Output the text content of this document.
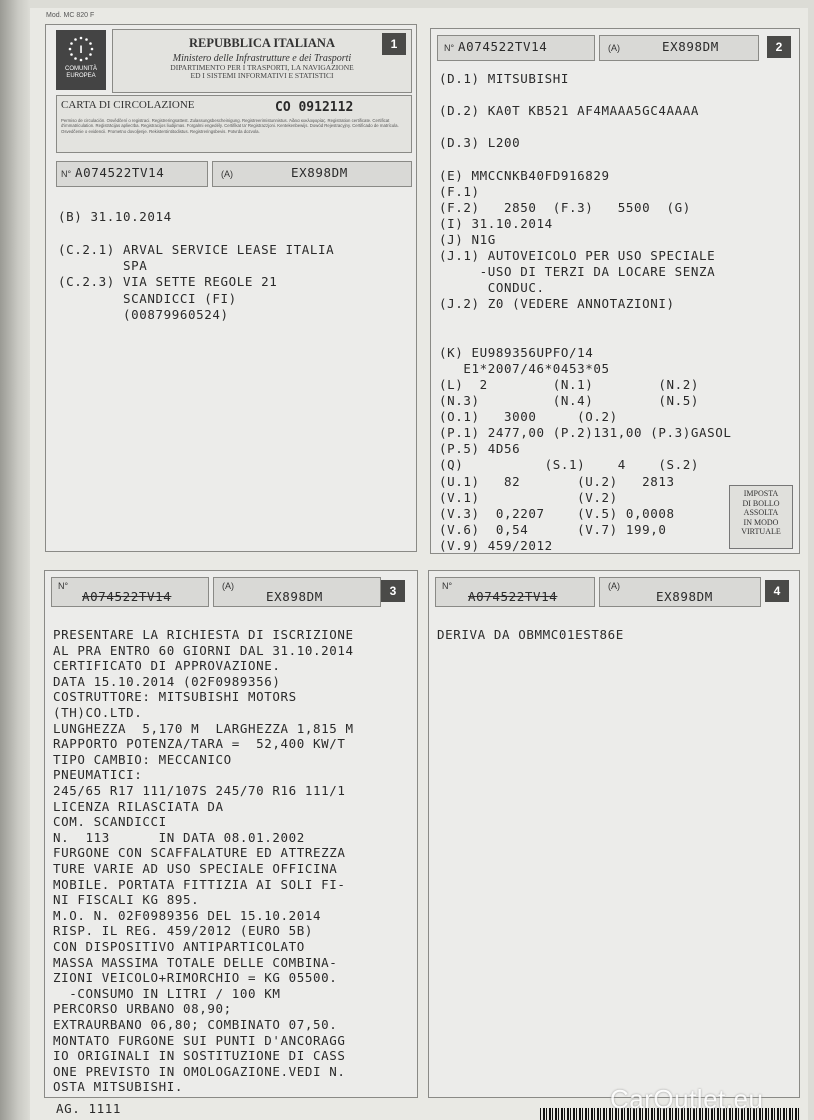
Mod. MC 820 F
I
COMUNITÀ
EUROPEA
REPUBBLICA ITALIANA
Ministero delle Infrastrutture e dei Trasporti
DIPARTIMENTO PER I TRASPORTI, LA NAVIGAZIONE
ED I SISTEMI INFORMATIVI E STATISTICI
1
CARTA DI CIRCOLAZIONE	CO 0912112
Permiso de circulación. Osvědčení o registraci. Registreringsattest. Zulassungsbescheinigung. Registreerimistunnistus. Άδεια κυκλοφορίας. Registration certificate. Certificat d'immatriculation. Reģistrācijas apliecība. Registracijos liudijimas. Forgalmi engedély. Certifikat ta' Registrazzjoni. Kentekenbewijs. Dowód Rejestracyjny. Certificado de matrícula. Osvedčenie o evidencii. Prometno dovoljenje. Rekisteröintitodistus. Registreringsbevis. Potvrda dozvola.
N° A074522TV14	(A)	EX898DM
(B) 31.10.2014
(C.2.1) ARVAL SERVICE LEASE ITALIA
SPA
(C.2.3) VIA SETTE REGOLE 21
SCANDICCI (FI)
(00879960524)
N° A074522TV14	(A)	EX898DM	2
(D.1) MITSUBISHI
(D.2) KA0T KB521 AF4MAAA5GC4AAAA
(D.3) L200
(E) MMCCNKB40FD916829
(F.1)
(F.2)   2850  (F.3)   5500  (G)
(I) 31.10.2014
(J) N1G
(J.1) AUTOVEICOLO PER USO SPECIALE
-USO DI TERZI DA LOCARE SENZA
CONDUC.
(J.2) Z0 (VEDERE ANNOTAZIONI)
(K) EU989356UPFO/14
E1*2007/46*0453*05
(L)  2        (N.1)        (N.2)
(N.3)         (N.4)        (N.5)
(O.1)   3000     (O.2)
(P.1) 2477,00 (P.2)131,00 (P.3)GASOL
(P.5) 4D56
(Q)          (S.1)    4    (S.2)
(U.1)   82       (U.2)   2813
(V.1)            (V.2)
(V.3)  0,2207    (V.5) 0,0008
(V.6)  0,54      (V.7) 199,0
(V.9) 459/2012
IMPOSTA
DI BOLLO
ASSOLTA
IN MODO
VIRTUALE
N°
A074522TV14
(A)
EX898DM	3
PRESENTARE LA RICHIESTA DI ISCRIZIONE
AL PRA ENTRO 60 GIORNI DAL 31.10.2014
CERTIFICATO DI APPROVAZIONE.
DATA 15.10.2014 (02F0989356)
COSTRUTTORE: MITSUBISHI MOTORS
(TH)CO.LTD.
LUNGHEZZA  5,170 M  LARGHEZZA 1,815 M
RAPPORTO POTENZA/TARA =  52,400 KW/T
TIPO CAMBIO: MECCANICO
PNEUMATICI:
245/65 R17 111/107S 245/70 R16 111/1
LICENZA RILASCIATA DA
COM. SCANDICCI
N.  113      IN DATA 08.01.2002
FURGONE CON SCAFFALATURE ED ATTREZZA
TURE VARIE AD USO SPECIALE OFFICINA
MOBILE. PORTATA FITTIZIA AI SOLI FI-
NI FISCALI KG 895.
M.O. N. 02F0989356 DEL 15.10.2014
RISP. IL REG. 459/2012 (EURO 5B)
CON DISPOSITIVO ANTIPARTICOLATO
MASSA MASSIMA TOTALE DELLE COMBINA-
ZIONI VEICOLO+RIMORCHIO = KG 05500.
-CONSUMO IN LITRI / 100 KM
PERCORSO URBANO 08,90;
EXTRAURBANO 06,80; COMBINATO 07,50.
MONTATO FURGONE SUI PUNTI D'ANCORAGG
IO ORIGINALI IN SOSTITUZIONE DI CASS
ONE PREVISTO IN OMOLOGAZIONE.VEDI N.
OSTA MITSUBISHI.
N°
A074522TV14
(A)
EX898DM	4
DERIVA DA OBMMC01EST86E
AG. 1111	CarOutlet.eu
